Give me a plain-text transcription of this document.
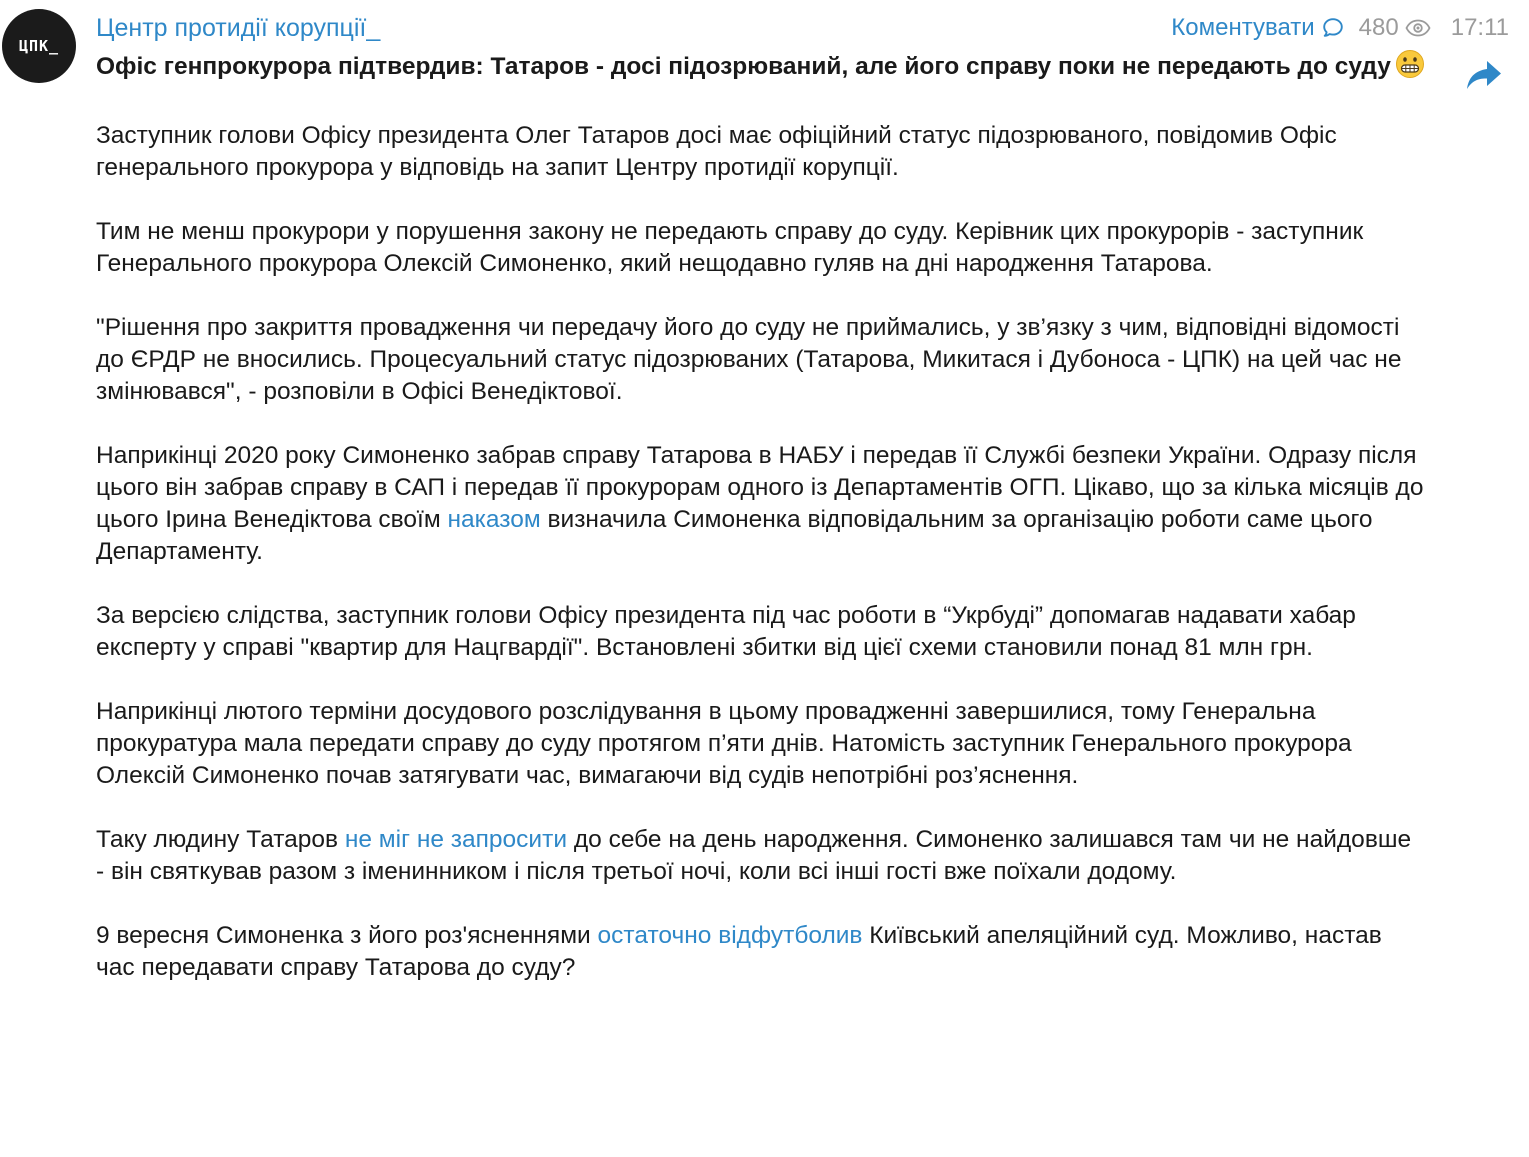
ЦПК_
Центр протидії корупції_	Коментувати 480 17:11

Офіс генпрокурора підтвердив: Татаров - досі підозрюваний, але його справу поки не передають до суду

Заступник голови Офісу президента Олег Татаров досі має офіційний статус підозрюваного, повідомив Офіс генерального прокурора у відповідь на запит Центру протидії корупції.

Тим не менш прокурори у порушення закону не передають справу до суду. Керівник цих прокурорів - заступник Генерального прокурора Олексій Симоненко, який нещодавно гуляв на дні народження Татарова.

"Рішення про закриття провадження чи передачу його до суду не приймались, у зв’язку з чим, відповідні відомості до ЄРДР не вносились. Процесуальний статус підозрюваних (Татарова, Микитася і Дубоноса - ЦПК) на цей час не змінювався", - розповіли в Офісі Венедіктової.

Наприкінці 2020 року Симоненко забрав справу Татарова в НАБУ і передав її Службі безпеки України. Одразу після цього він забрав справу в САП і передав її прокурорам одного із Департаментів ОГП. Цікаво, що за кілька місяців до цього Ірина Венедіктова своїм наказом визначила Симоненка відповідальним за організацію роботи саме цього Департаменту.

За версією слідства, заступник голови Офісу президента під час роботи в “Укрбуді” допомагав надавати хабар експерту у справі "квартир для Нацгвардії". Встановлені збитки від цієї схеми становили понад 81 млн грн.

Наприкінці лютого терміни досудового розслідування в цьому провадженні завершилися, тому Генеральна прокуратура мала передати справу до суду протягом п’яти днів. Натомість заступник Генерального прокурора Олексій Симоненко почав затягувати час, вимагаючи від судів непотрібні роз’яснення.

Таку людину Татаров не міг не запросити до себе на день народження. Симоненко залишався там чи не найдовше - він святкував разом з іменинником і після третьої ночі, коли всі інші гості вже поїхали додому.

9 вересня Симоненка з його роз'ясненнями остаточно відфутболив Київський апеляційний суд. Можливо, настав час передавати справу Татарова до суду?
